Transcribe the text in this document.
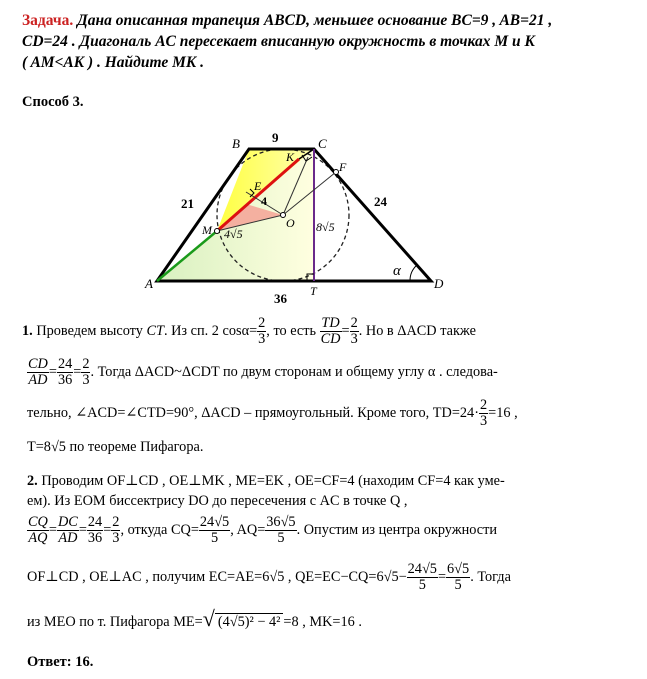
Задача. Дана описанная трапеция ABCD, меньшее основание BC=9 , AB=21 ,
CD=24 . Диагональ AC пересекает вписанную окружность в точках M и K
( AM<AK ) . Найдите MK .
Способ 3.
B	C
A	D
K
F
E
M	O
T
9
21	24
36
4
4√5	8√5
α
1. Проведем высоту CT. Из сп. 2 $\cos\alpha= \frac{2}{3}$ , то есть $\frac{TD}{CD} = \frac{2}{3}$ . Но в ΔACD также
$\frac{CD}{AD} = \frac{24}{36} = \frac{2}{3}$ . Тогда ΔACD~ΔCDT по двум сторонам и общему углу α . следова-
тельно, ∠ACD=∠CTD=90°, ΔACD – прямоугольный. Кроме того, $TD=24\cdot \frac{2}{3} =16$ ,
T=8√5 по теореме Пифагора.
2. Проводим OF⊥CD , OE⊥MK , ME=EK , OE=CF=4 (находим CF=4 как уме-
ем). Из EOM биссектрису DO до пересечения с AC в точке Q ,
$\frac{CQ}{AQ} = \frac{DC}{AD} = \frac{24}{36} = \frac{2}{3}$ , откуда $CQ= \frac{24√5}{5}$ , $AQ= \frac{36√5}{5}$ . Опустим из центра окружности
OF⊥CD , OE⊥AC , получим EC=AE=6√5 , $QE=EC-CQ=6√5- \frac{24√5}{5} = \frac{6√5}{5}$ . Тогда
из MEO по т. Пифагора ME=√ (4√5)² − 4² =8 , MK=16 .
Ответ: 16.
